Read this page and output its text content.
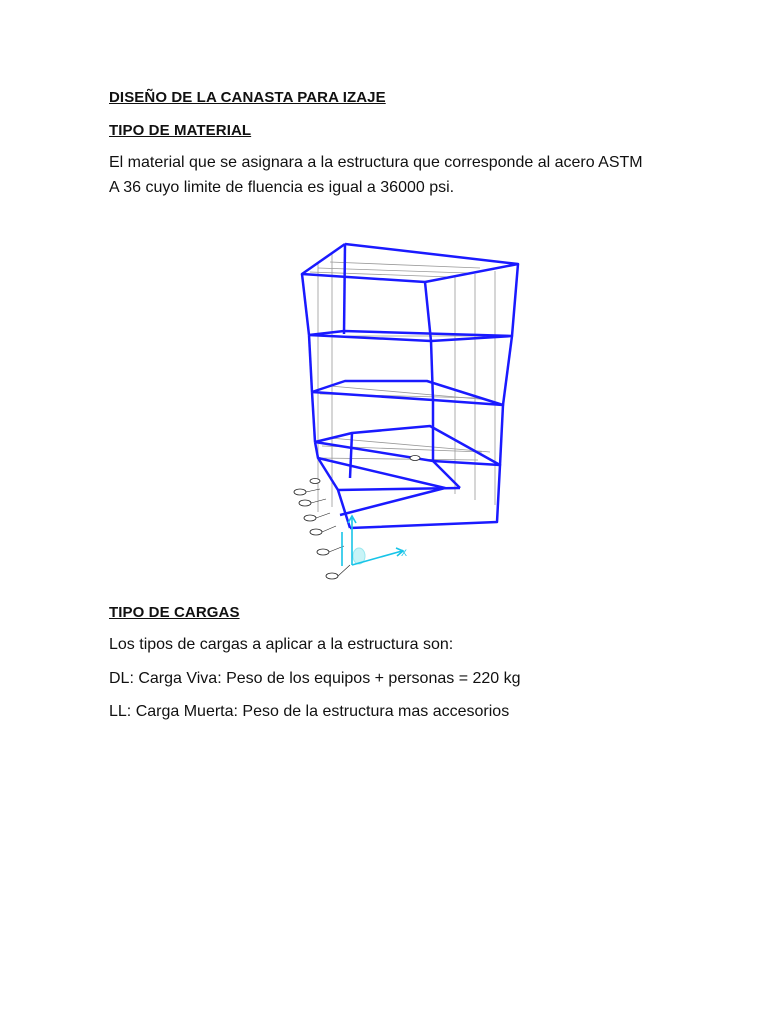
DISEÑO DE LA CANASTA PARA IZAJE
TIPO DE MATERIAL

El material que se asignara a la estructura que corresponde al acero ASTM
A 36 cuyo limite de fluencia es igual a 36000 psi.

X
TIPO DE CARGAS

Los tipos de cargas a aplicar a la estructura son:

DL: Carga Viva: Peso de los equipos + personas = 220 kg

LL: Carga Muerta: Peso de la estructura mas accesorios
